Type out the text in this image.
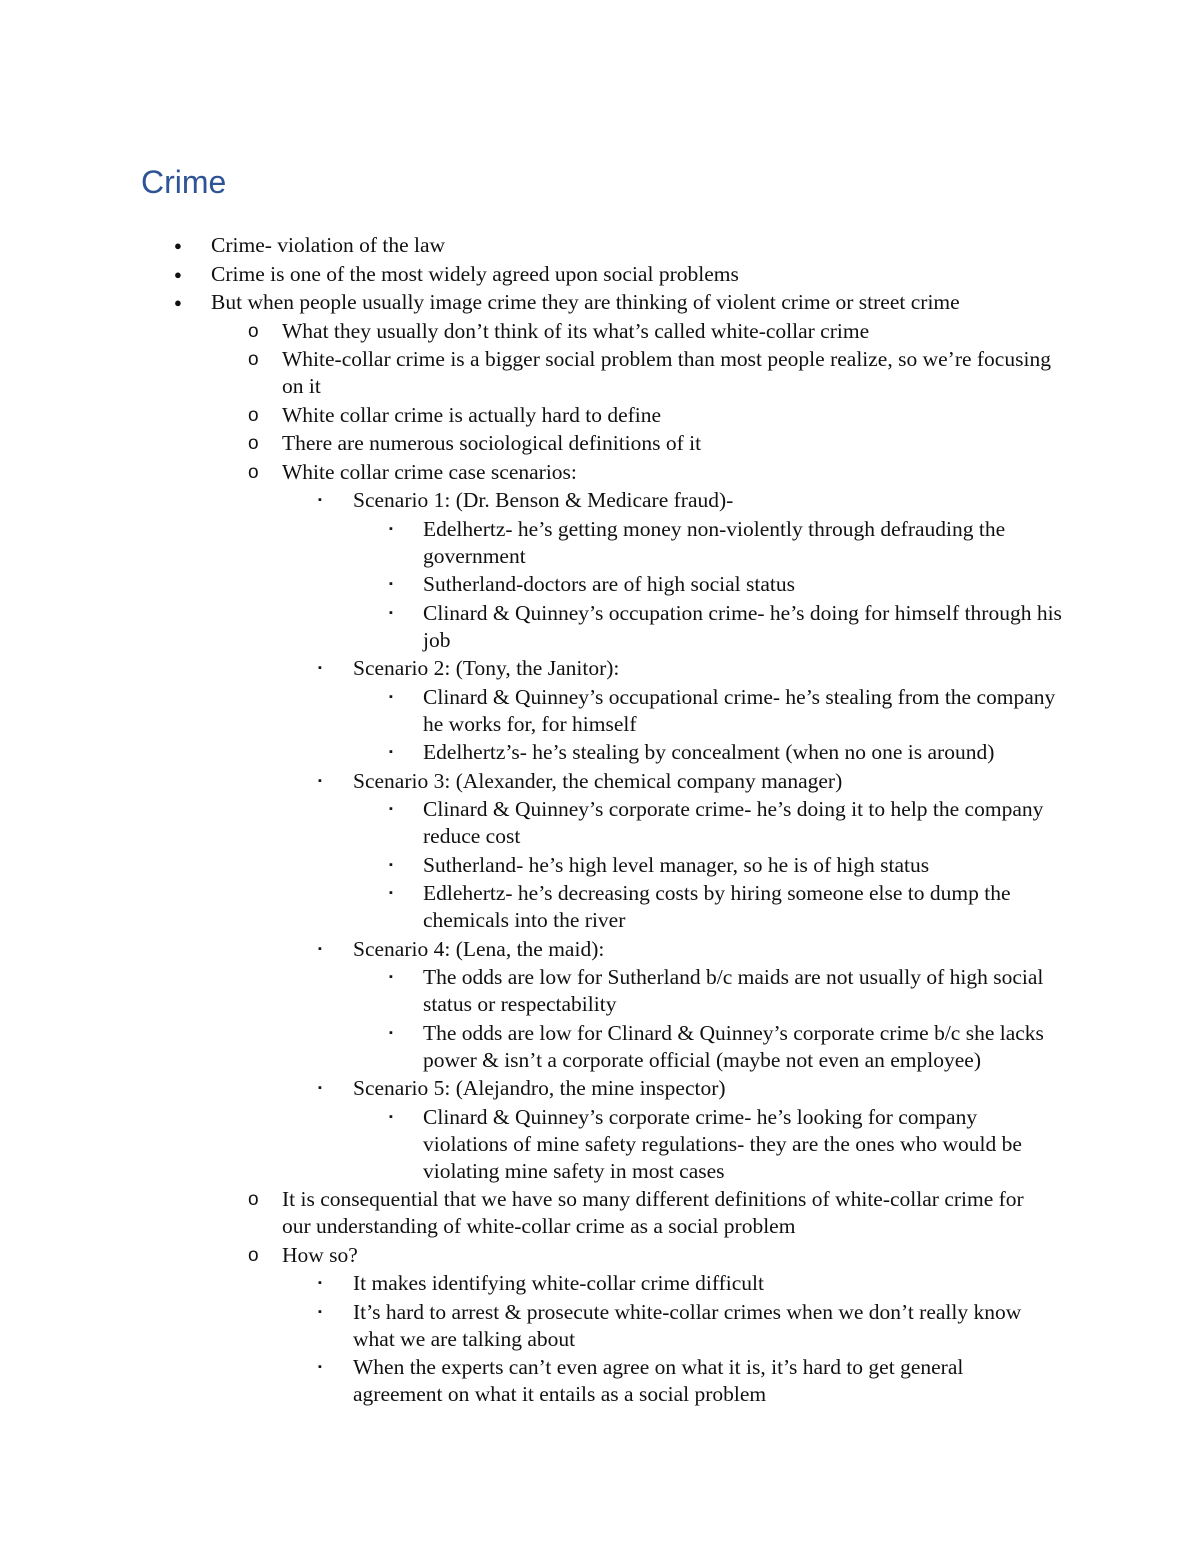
Crime
● Crime- violation of the law
● Crime is one of the most widely agreed upon social problems
● But when people usually image crime they are thinking of violent crime or street crime
o What they usually don’t think of its what’s called white-collar crime
o White-collar crime is a bigger social problem than most people realize, so we’re focusing on it
o White collar crime is actually hard to define
o There are numerous sociological definitions of it
o White collar crime case scenarios:
▪ Scenario 1: (Dr. Benson & Medicare fraud)-
▪ Edelhertz- he’s getting money non-violently through defrauding the government
▪ Sutherland-doctors are of high social status
▪ Clinard & Quinney’s occupation crime- he’s doing for himself through his job
▪ Scenario 2: (Tony, the Janitor):
▪ Clinard & Quinney’s occupational crime- he’s stealing from the company he works for, for himself
▪ Edelhertz’s- he’s stealing by concealment (when no one is around)
▪ Scenario 3: (Alexander, the chemical company manager)
▪ Clinard & Quinney’s corporate crime- he’s doing it to help the company reduce cost
▪ Sutherland- he’s high level manager, so he is of high status
▪ Edlehertz- he’s decreasing costs by hiring someone else to dump the chemicals into the river
▪ Scenario 4: (Lena, the maid):
▪ The odds are low for Sutherland b/c maids are not usually of high social status or respectability
▪ The odds are low for Clinard & Quinney’s corporate crime b/c she lacks power & isn’t a corporate official (maybe not even an employee)
▪ Scenario 5: (Alejandro, the mine inspector)
▪ Clinard & Quinney’s corporate crime- he’s looking for company violations of mine safety regulations- they are the ones who would be violating mine safety in most cases
o It is consequential that we have so many different definitions of white-collar crime for our understanding of white-collar crime as a social problem
o How so?
▪ It makes identifying white-collar crime difficult
▪ It’s hard to arrest & prosecute white-collar crimes when we don’t really know what we are talking about
▪ When the experts can’t even agree on what it is, it’s hard to get general agreement on what it entails as a social problem
